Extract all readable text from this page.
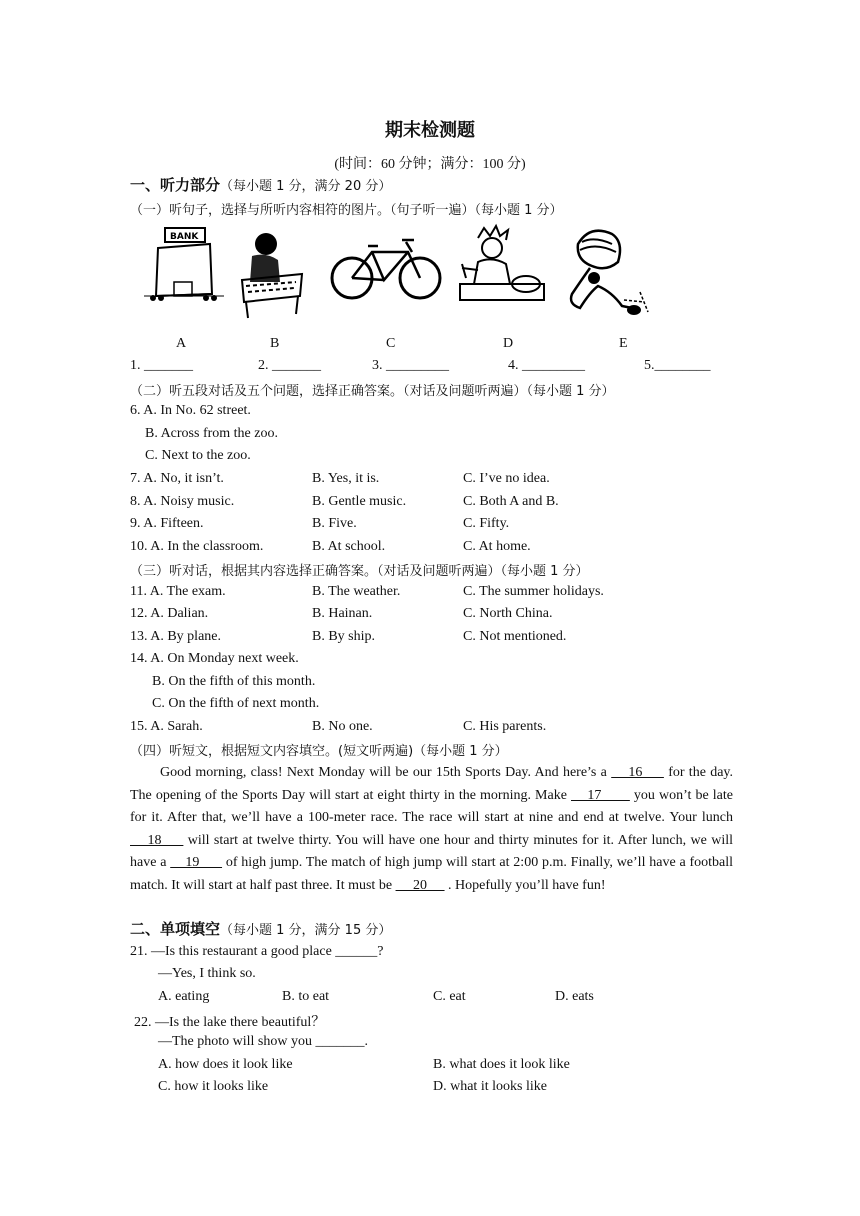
期末检测题
(时间：60 分钟；满分：100 分)
一、听力部分（每小题 1 分，满分 20 分）
（一）听句子，选择与所听内容相符的图片。（句子听一遍）（每小题 1 分）
BANK
A	B	C	D	E
1. _______	2. _______	3. _________	4. _________	5.________
（二）听五段对话及五个问题，选择正确答案。（对话及问题听两遍）（每小题 1 分）
6. A. In No. 62 street.
B. Across from the zoo.
C. Next to the zoo.
7. A. No, it isn’t.	B. Yes, it is.	C. I’ve no idea.
8. A. Noisy music.	B. Gentle music.	C. Both A and B.
9. A. Fifteen.	B. Five.	C. Fifty.
10. A. In the classroom.	B. At school.	C. At home.
（三）听对话，根据其内容选择正确答案。（对话及问题听两遍）（每小题 1 分）
11. A. The exam.	B. The weather.	C. The summer holidays.
12. A. Dalian.	B. Hainan.	C. North China.
13. A. By plane.	B. By ship.	C. Not mentioned.
14. A. On Monday next week.
B. On the fifth of this month.
C. On the fifth of next month.
15. A. Sarah.	B. No one.	C. His parents.
（四）听短文，根据短文内容填空。(短文听两遍)（每小题 1 分）
Good morning, class! Next Monday will be our 15th Sports Day. And here’s a     16      for the day. The opening of the Sports Day will start at eight thirty in the morning. Make     17        you won’t be late for it. After that, we’ll have a 100-meter race. The race will start at nine and end at twelve. Your lunch     18      will start at twelve thirty. You will have one hour and thirty minutes for it. After lunch, we will have a     19       of high jump. The match of high jump will start at 2:00 p.m. Finally, we’ll have a football match. It will start at half past three. It must be      20      . Hopefully you’ll have fun!
二、单项填空（每小题 1 分，满分 15 分）
21. —Is this restaurant a good place ______?
—Yes, I think so.
A. eating	B. to eat	C. eat	D. eats
22. —Is the lake there beautiful？
—The photo will show you _______.
A. how does it look like	B. what does it look like
C. how it looks like	D. what it looks like
